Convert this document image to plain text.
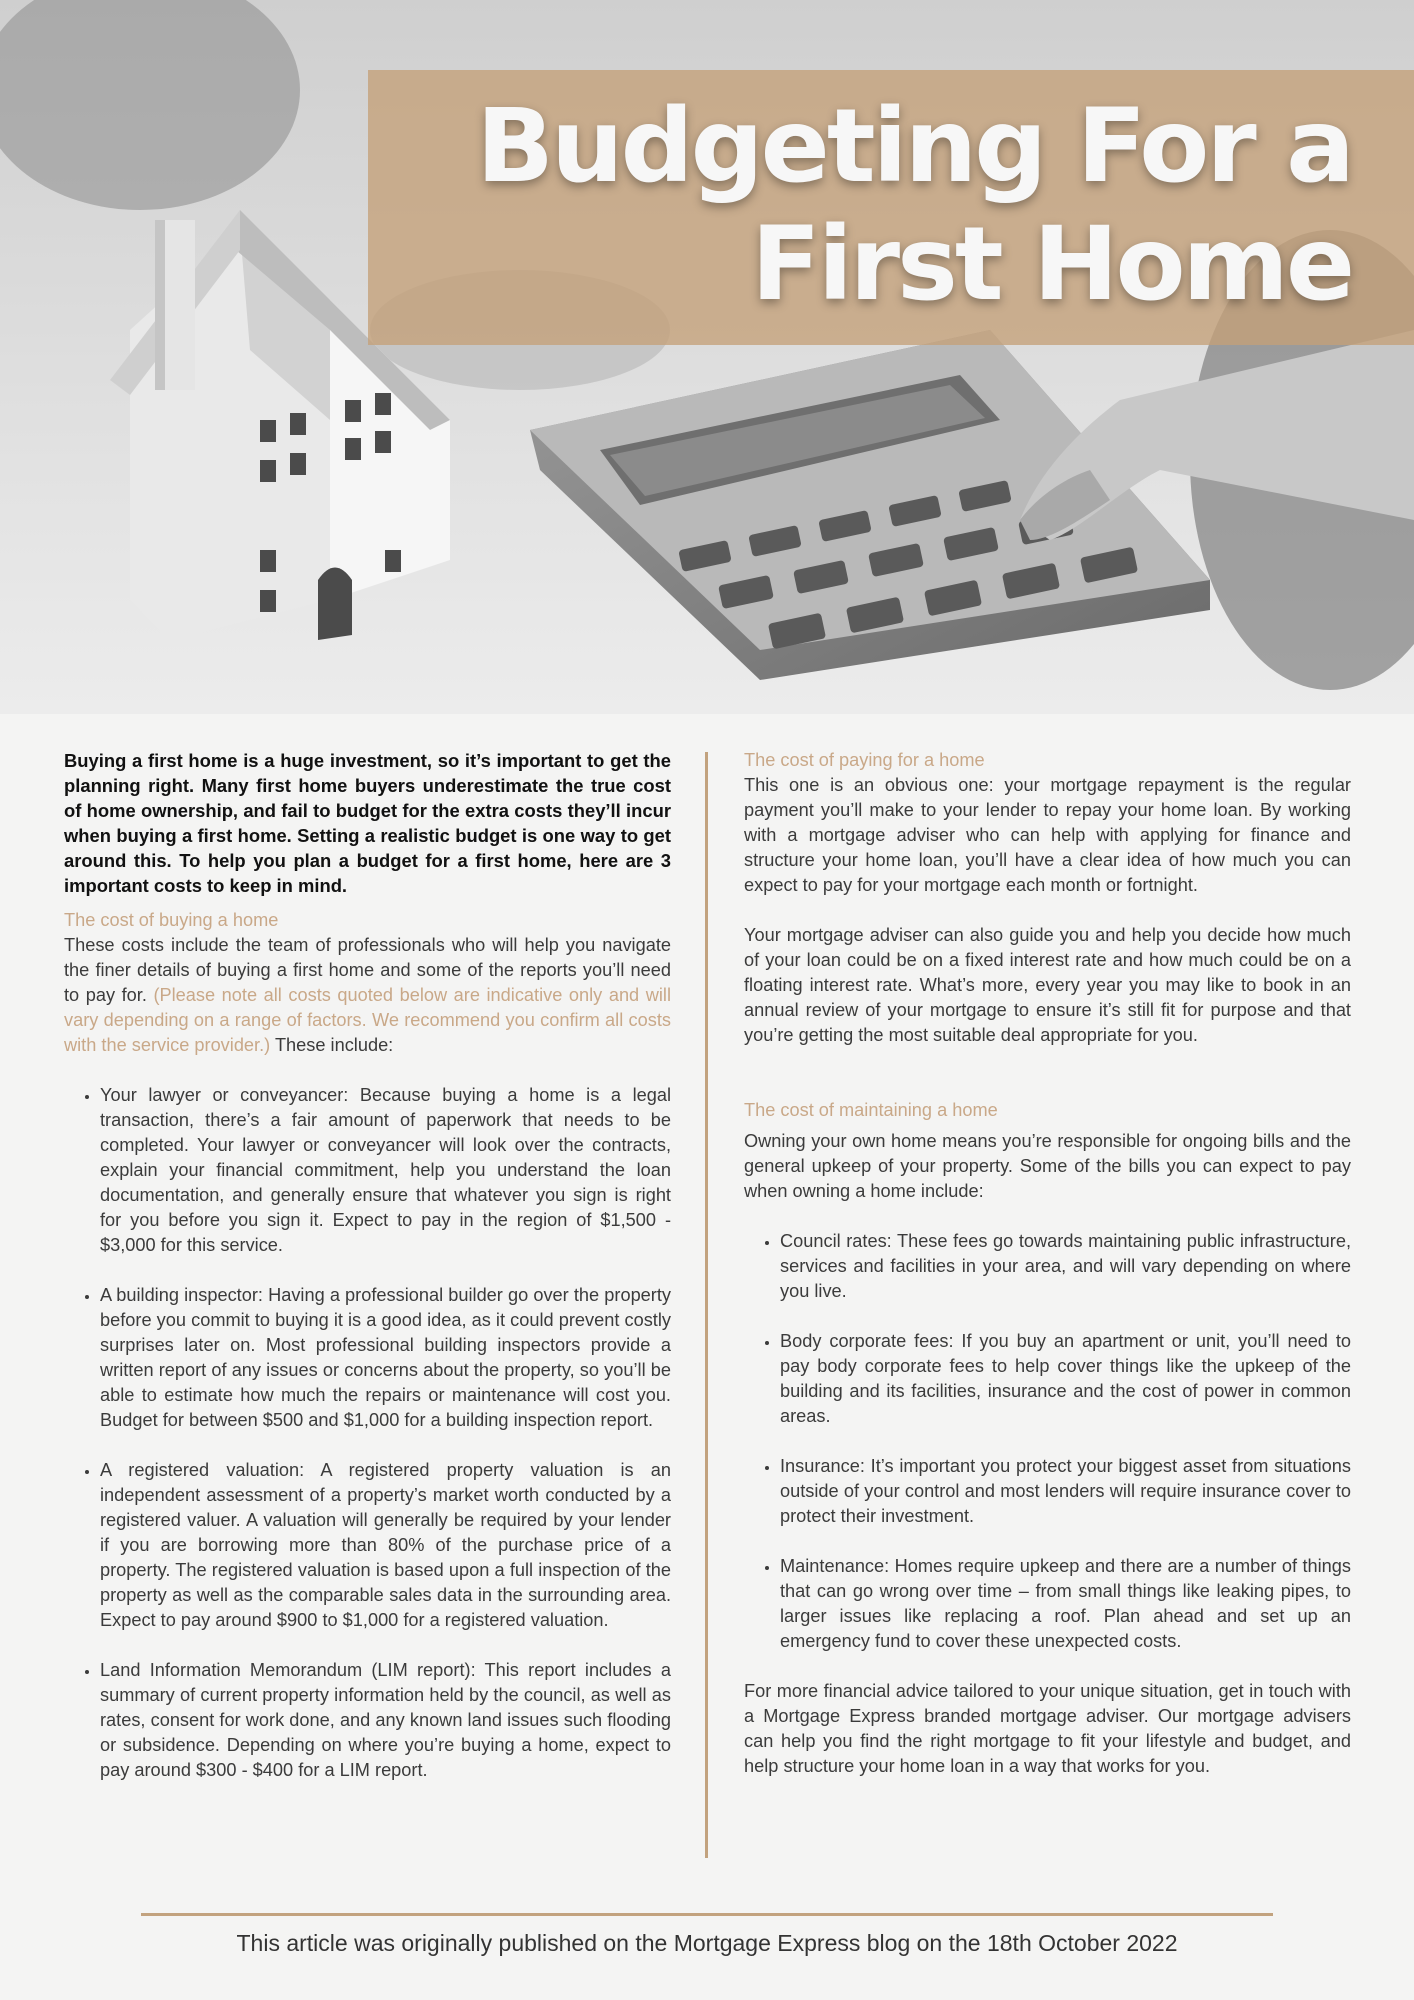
Budgeting For a
First Home

Buying a first home is a huge investment, so it’s important to get the planning right. Many first home buyers underestimate the true cost of home ownership, and fail to budget for the extra costs they’ll incur when buying a first home. Setting a realistic budget is one way to get around this. To help you plan a budget for a first home, here are 3 important costs to keep in mind.

The cost of buying a home

These costs include the team of professionals who will help you navigate the finer details of buying a first home and some of the reports you’ll need to pay for. (Please note all costs quoted below are indicative only and will vary depending on a range of factors. We recommend you confirm all costs with the service provider.) These include:

• Your lawyer or conveyancer: Because buying a home is a legal transaction, there’s a fair amount of paperwork that needs to be completed. Your lawyer or conveyancer will look over the contracts, explain your financial commitment, help you understand the loan documentation, and generally ensure that whatever you sign is right for you before you sign it. Expect to pay in the region of $1,500 - $3,000 for this service.
• A building inspector: Having a professional builder go over the property before you commit to buying it is a good idea, as it could prevent costly surprises later on. Most professional building inspectors provide a written report of any issues or concerns about the property, so you’ll be able to estimate how much the repairs or maintenance will cost you. Budget for between $500 and $1,000 for a building inspection report.
• A registered valuation: A registered property valuation is an independent assessment of a property’s market worth conducted by a registered valuer. A valuation will generally be required by your lender if you are borrowing more than 80% of the purchase price of a property. The registered valuation is based upon a full inspection of the property as well as the comparable sales data in the surrounding area. Expect to pay around $900 to $1,000 for a registered valuation.
• Land Information Memorandum (LIM report): This report includes a summary of current property information held by the council, as well as rates, consent for work done, and any known land issues such flooding or subsidence. Depending on where you’re buying a home, expect to pay around $300 - $400 for a LIM report.
The cost of paying for a home

This one is an obvious one: your mortgage repayment is the regular payment you’ll make to your lender to repay your home loan. By working with a mortgage adviser who can help with applying for finance and structure your home loan, you’ll have a clear idea of how much you can expect to pay for your mortgage each month or fortnight.

Your mortgage adviser can also guide you and help you decide how much of your loan could be on a fixed interest rate and how much could be on a floating interest rate. What’s more, every year you may like to book in an annual review of your mortgage to ensure it’s still fit for purpose and that you’re getting the most suitable deal appropriate for you.

The cost of maintaining a home

Owning your own home means you’re responsible for ongoing bills and the general upkeep of your property. Some of the bills you can expect to pay when owning a home include:

• Council rates: These fees go towards maintaining public infrastructure, services and facilities in your area, and will vary depending on where you live.
• Body corporate fees: If you buy an apartment or unit, you’ll need to pay body corporate fees to help cover things like the upkeep of the building and its facilities, insurance and the cost of power in common areas.
• Insurance: It’s important you protect your biggest asset from situations outside of your control and most lenders will require insurance cover to protect their investment.
• Maintenance: Homes require upkeep and there are a number of things that can go wrong over time – from small things like leaking pipes, to larger issues like replacing a roof. Plan ahead and set up an emergency fund to cover these unexpected costs.

For more financial advice tailored to your unique situation, get in touch with a Mortgage Express branded mortgage adviser. Our mortgage advisers can help you find the right mortgage to fit your lifestyle and budget, and help structure your home loan in a way that works for you.

This article was originally published on the Mortgage Express blog on the 18th October 2022
